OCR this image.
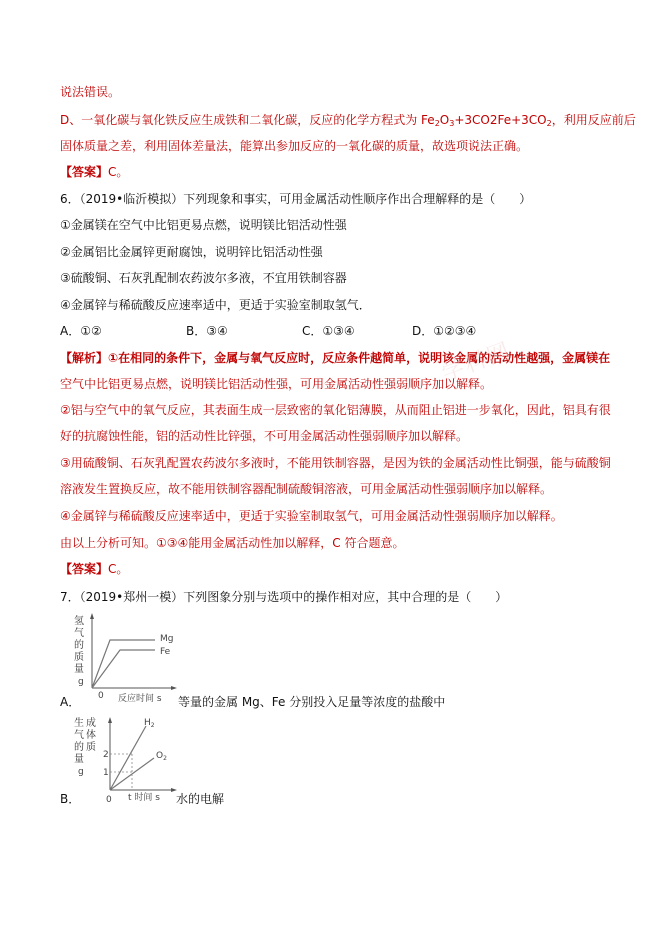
说法错误。
D、一氧化碳与氧化铁反应生成铁和二氧化碳，反应的化学方程式为 $Fe_2O_3+3CO2Fe+3CO_2$，利用反应前后
固体质量之差，利用固体差量法，能算出参加反应的一氧化碳的质量，故选项说法正确。
【答案】C。
6．（2019•临沂模拟）下列现象和事实，可用金属活动性顺序作出合理解释的是（　　）
①金属镁在空气中比铝更易点燃，说明镁比铝活动性强
②金属铝比金属锌更耐腐蚀，说明锌比铝活动性强
③硫酸铜、石灰乳配制农药波尔多液，不宜用铁制容器
④金属锌与稀硫酸反应速率适中，更适于实验室制取氢气．
A．①②	B．③④	C．①③④	D．①②③④
【解析】①在相同的条件下，金属与氧气反应时，反应条件越简单，说明该金属的活动性越强，金属镁在
空气中比铝更易点燃，说明镁比铝活动性强，可用金属活动性强弱顺序加以解释。
②铝与空气中的氧气反应，其表面生成一层致密的氧化铝薄膜，从而阻止铝进一步氧化，因此，铝具有很
好的抗腐蚀性能，铝的活动性比锌强，不可用金属活动性强弱顺序加以解释。
③用硫酸铜、石灰乳配置农药波尔多液时，不能用铁制容器，是因为铁的金属活动性比铜强，能与硫酸铜
溶液发生置换反应，故不能用铁制容器配制硫酸铜溶液，可用金属活动性强弱顺序加以解释。
④金属锌与稀硫酸反应速率适中，更适于实验室制取氢气，可用金属活动性强弱顺序加以解释。
由以上分析可知。①③④能用金属活动性加以解释，C 符合题意。
【答案】C。
学科网
7．（2019•郑州一模）下列图象分别与选项中的操作相对应，其中合理的是（　　）
氢
气
的
质
量
g
Mg
Fe
0 反应时间 s
A．	等量的金属 Mg、Fe 分别投入足量等浓度的盐酸中
生 成
气 体
的 质
量
g
2
1
$H_2$
$O_2$
0 t 时间 s
B．	水的电解
